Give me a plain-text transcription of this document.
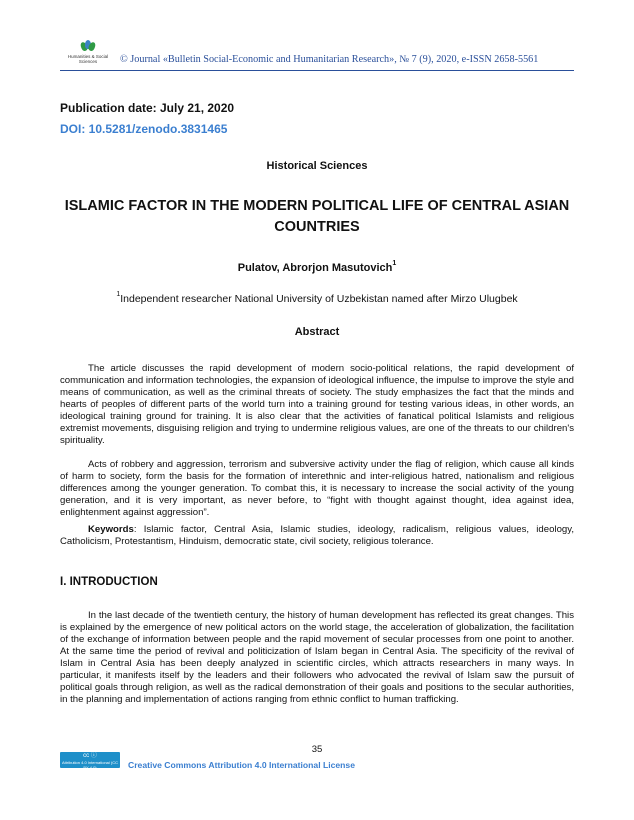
Humanities & Social Sciences	© Journal «Bulletin Social-Economic and Humanitarian Research», № 7 (9), 2020, e-ISSN 2658-5561
Publication date: July 21, 2020
DOI: 10.5281/zenodo.3831465
Historical Sciences
ISLAMIC FACTOR IN THE MODERN POLITICAL LIFE OF CENTRAL ASIAN COUNTRIES
Pulatov, Abrorjon Masutovich$^1$
$^1$Independent researcher National University of Uzbekistan named after Mirzo Ulugbek
Abstract

The article discusses the rapid development of modern socio-political relations, the rapid development of communication and information technologies, the expansion of ideological influence, the impulse to improve the style and means of communication, as well as the criminal threats of society. The study emphasizes the fact that the minds and hearts of peoples of different parts of the world turn into a training ground for testing various ideas, in other words, an ideological training ground for training. It is also clear that the activities of fanatical political Islamists and religious extremist movements, disguising religion and trying to undermine religious values, are one of the threats to our children's spirituality.

Acts of robbery and aggression, terrorism and subversive activity under the flag of religion, which cause all kinds of harm to society, form the basis for the formation of interethnic and inter-religious hatred, nationalism and religious differences among the younger generation. To combat this, it is necessary to increase the social activity of the young generation, and it is very important, as never before, to “fight with thought against thought, idea against idea, enlightenment against aggression”.

Keywords: Islamic factor, Central Asia, Islamic studies, ideology, radicalism, religious values, ideology, Catholicism, Protestantism, Hinduism, democratic state, civil society, religious tolerance.

I. INTRODUCTION

In the last decade of the twentieth century, the history of human development has reflected its great changes. This is explained by the emergence of new political actors on the world stage, the acceleration of globalization, the facilitation of the exchange of information between people and the rapid movement of secular processes from one point to another. At the same time the period of revival and politicization of Islam began in Central Asia. The specificity of the revival of Islam in Central Asia has been deeply analyzed in scientific circles, which attracts researchers in many ways. In particular, it manifests itself by the leaders and their followers who advocated the revival of Islam saw the pursuit of political goals through religion, as well as the radical demonstration of their goals and positions to the secular authorities, in the planning and implementation of actions ranging from ethnic conflict to human trafficking.

35
cc ⓘ
Attribution 4.0 International (CC BY 4.0)	Creative Commons Attribution 4.0 International License
